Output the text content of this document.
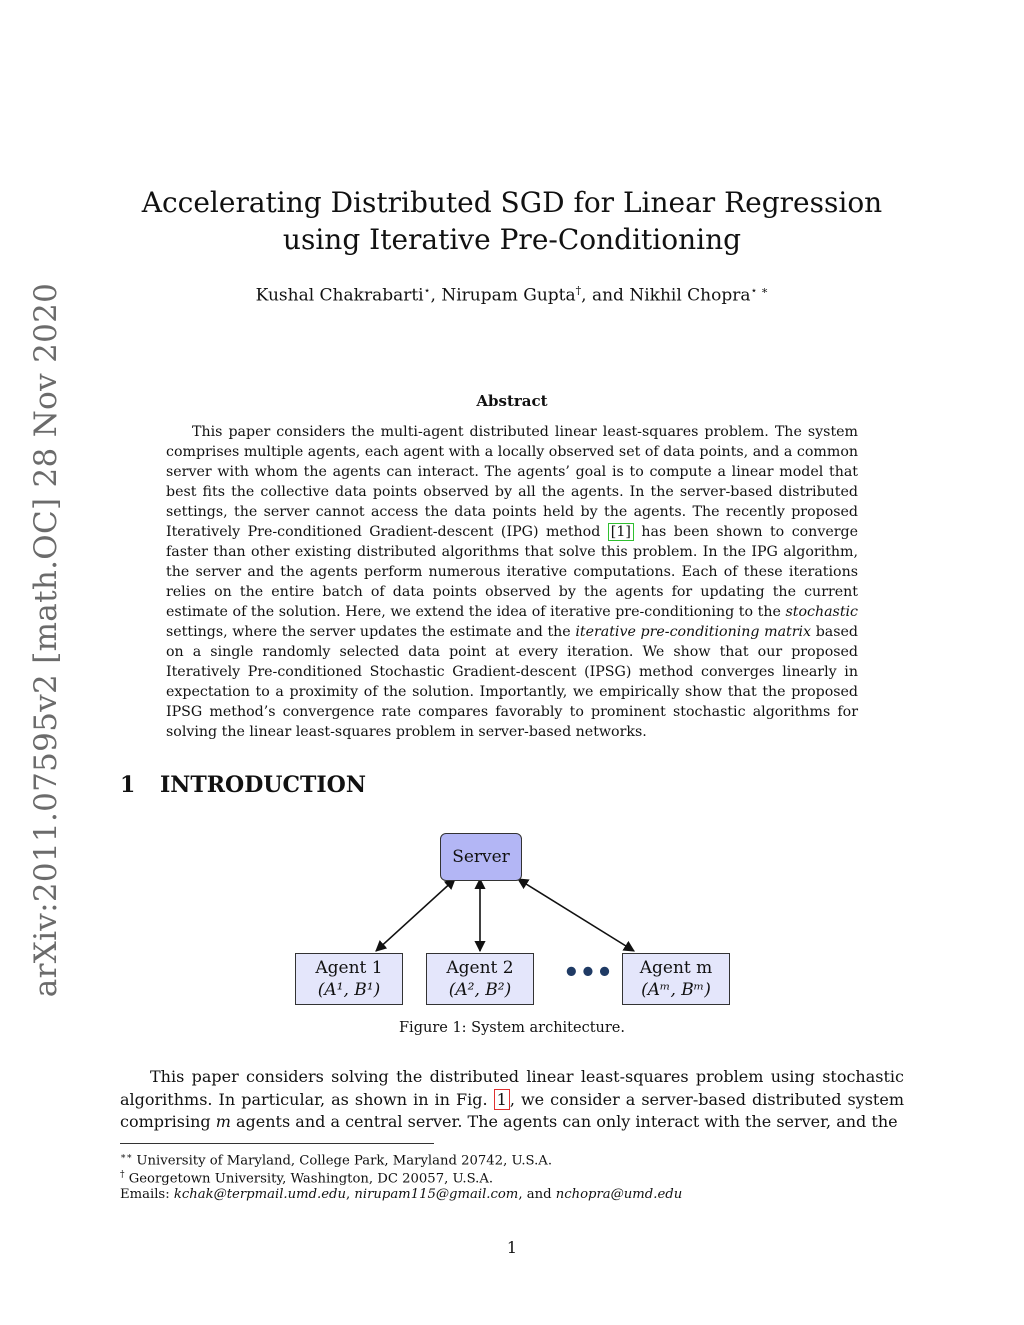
arXiv:2011.07595v2 [math.OC] 28 Nov 2020
Accelerating Distributed SGD for Linear Regression
using Iterative Pre-Conditioning
Kushal Chakrabarti⋆, Nirupam Gupta†, and Nikhil Chopra⋆ ∗
Abstract

This paper considers the multi-agent distributed linear least-squares problem. The system comprises multiple agents, each agent with a locally observed set of data points, and a common server with whom the agents can interact. The agents’ goal is to compute a linear model that best fits the collective data points observed by all the agents. In the server-based distributed settings, the server cannot access the data points held by the agents. The recently proposed Iteratively Pre-conditioned Gradient-descent (IPG) method [1] has been shown to converge faster than other existing distributed algorithms that solve this problem. In the IPG algorithm, the server and the agents perform numerous iterative computations. Each of these iterations relies on the entire batch of data points observed by the agents for updating the current estimate of the solution. Here, we extend the idea of iterative pre-conditioning to the stochastic settings, where the server updates the estimate and the iterative pre-conditioning matrix based on a single randomly selected data point at every iteration. We show that our proposed Iteratively Pre-conditioned Stochastic Gradient-descent (IPSG) method converges linearly in expectation to a proximity of the solution. Importantly, we empirically show that the proposed IPSG method’s convergence rate compares favorably to prominent stochastic algorithms for solving the linear least-squares problem in server-based networks.

1 INTRODUCTION
Server
Agent 1
(A¹, B¹)
Agent 2
(A², B²)
••• Agent m
(Aᵐ, Bᵐ)
Figure 1: System architecture.

This paper considers solving the distributed linear least-squares problem using stochastic algorithms. In particular, as shown in in Fig. 1 , we consider a server-based distributed system comprising m agents and a central server. The agents can only interact with the server, and the

∗∗ University of Maryland, College Park, Maryland 20742, U.S.A.
† Georgetown University, Washington, DC 20057, U.S.A.
Emails: kchak@terpmail.umd.edu, nirupam115@gmail.com, and nchopra@umd.edu
1
